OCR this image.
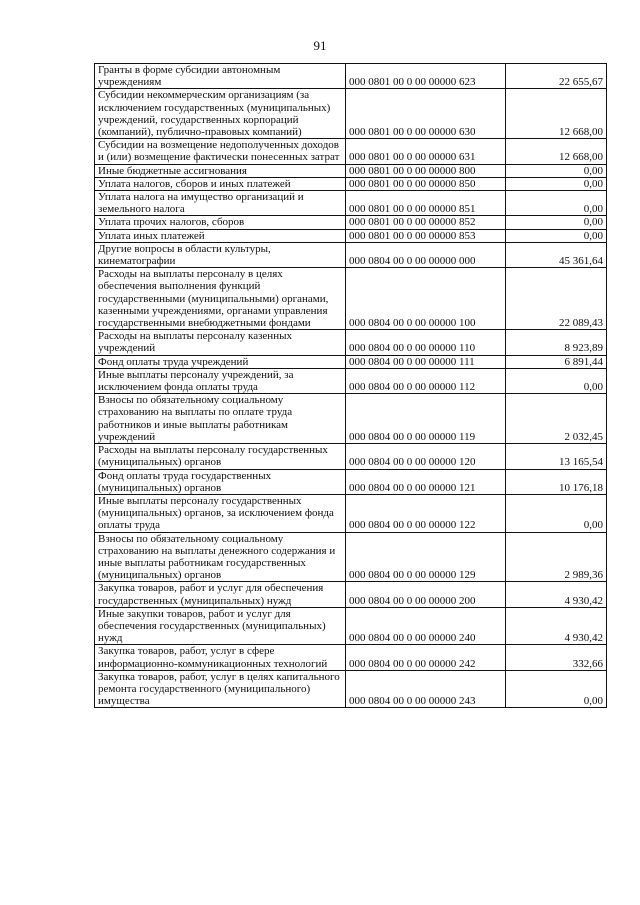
91
Гранты в форме субсидии автономным учреждениям	000 0801 00 0 00 00000 623	22 655,67
Субсидии некоммерческим организациям (за исключением государственных (муниципальных) учреждений, государственных корпораций (компаний), публично-правовых компаний)	000 0801 00 0 00 00000 630	12 668,00
Субсидии на возмещение недополученных доходов и (или) возмещение фактически понесенных затрат	000 0801 00 0 00 00000 631	12 668,00
Иные бюджетные ассигнования	000 0801 00 0 00 00000 800	0,00
Уплата налогов, сборов и иных платежей	000 0801 00 0 00 00000 850	0,00
Уплата налога на имущество организаций и земельного налога	000 0801 00 0 00 00000 851	0,00
Уплата прочих налогов, сборов	000 0801 00 0 00 00000 852	0,00
Уплата иных платежей	000 0801 00 0 00 00000 853	0,00
Другие вопросы в области культуры, кинематографии	000 0804 00 0 00 00000 000	45 361,64
Расходы на выплаты персоналу в целях обеспечения выполнения функций государственными (муниципальными) органами, казенными учреждениями, органами управления государственными внебюджетными фондами	000 0804 00 0 00 00000 100	22 089,43
Расходы на выплаты персоналу казенных учреждений	000 0804 00 0 00 00000 110	8 923,89
Фонд оплаты труда учреждений	000 0804 00 0 00 00000 111	6 891,44
Иные выплаты персоналу учреждений, за исключением фонда оплаты труда	000 0804 00 0 00 00000 112	0,00
Взносы по обязательному социальному страхованию на выплаты по оплате труда работников и иные выплаты работникам учреждений	000 0804 00 0 00 00000 119	2 032,45
Расходы на выплаты персоналу государственных (муниципальных) органов	000 0804 00 0 00 00000 120	13 165,54
Фонд оплаты труда государственных (муниципальных) органов	000 0804 00 0 00 00000 121	10 176,18
Иные выплаты персоналу государственных (муниципальных) органов, за исключением фонда оплаты труда	000 0804 00 0 00 00000 122	0,00
Взносы по обязательному социальному страхованию на выплаты денежного содержания и иные выплаты работникам государственных (муниципальных) органов	000 0804 00 0 00 00000 129	2 989,36
Закупка товаров, работ и услуг для обеспечения государственных (муниципальных) нужд	000 0804 00 0 00 00000 200	4 930,42
Иные закупки товаров, работ и услуг для обеспечения государственных (муниципальных) нужд	000 0804 00 0 00 00000 240	4 930,42
Закупка товаров, работ, услуг в сфере информационно-коммуникационных технологий	000 0804 00 0 00 00000 242	332,66
Закупка товаров, работ, услуг в целях капитального ремонта государственного (муниципального) имущества	000 0804 00 0 00 00000 243	0,00
